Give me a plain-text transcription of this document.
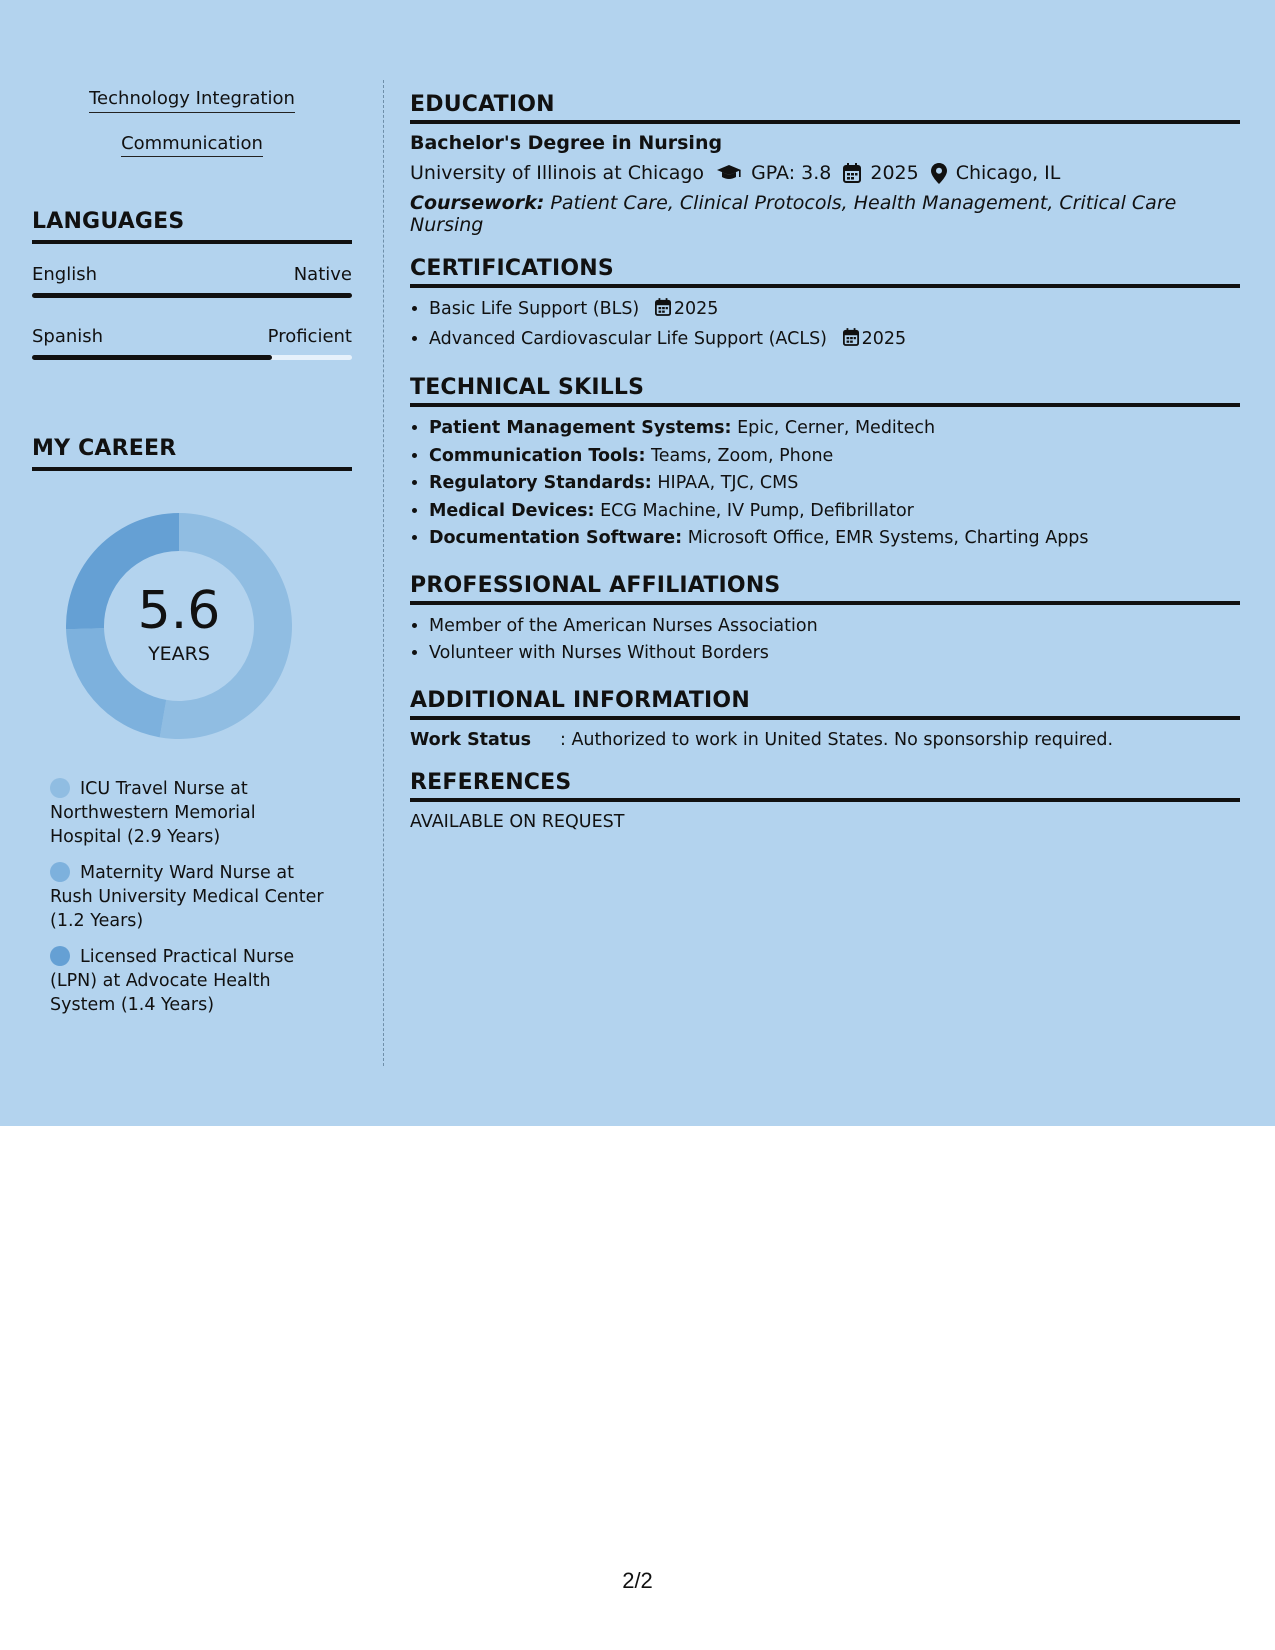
Technology Integration
Communication
LANGUAGES
English	Native
Spanish	Proficient
MY CAREER
5.6
YEARS
ICU Travel Nurse at Northwestern Memorial Hospital (2.9 Years)
Maternity Ward Nurse at Rush University Medical Center (1.2 Years)
Licensed Practical Nurse (LPN) at Advocate Health System (1.4 Years)
EDUCATION
Bachelor's Degree in Nursing
University of Illinois at Chicago GPA: 3.8 2025 Chicago, IL
Coursework: Patient Care, Clinical Protocols, Health Management, Critical Care Nursing
CERTIFICATIONS
• Basic Life Support (BLS) 2025
• Advanced Cardiovascular Life Support (ACLS) 2025
TECHNICAL SKILLS
• Patient Management Systems: Epic, Cerner, Meditech
• Communication Tools: Teams, Zoom, Phone
• Regulatory Standards: HIPAA, TJC, CMS
• Medical Devices: ECG Machine, IV Pump, Defibrillator
• Documentation Software: Microsoft Office, EMR Systems, Charting Apps
PROFESSIONAL AFFILIATIONS
• Member of the American Nurses Association
• Volunteer with Nurses Without Borders
ADDITIONAL INFORMATION
Work Status	: Authorized to work in United States. No sponsorship required.
REFERENCES
AVAILABLE ON REQUEST
2/2
